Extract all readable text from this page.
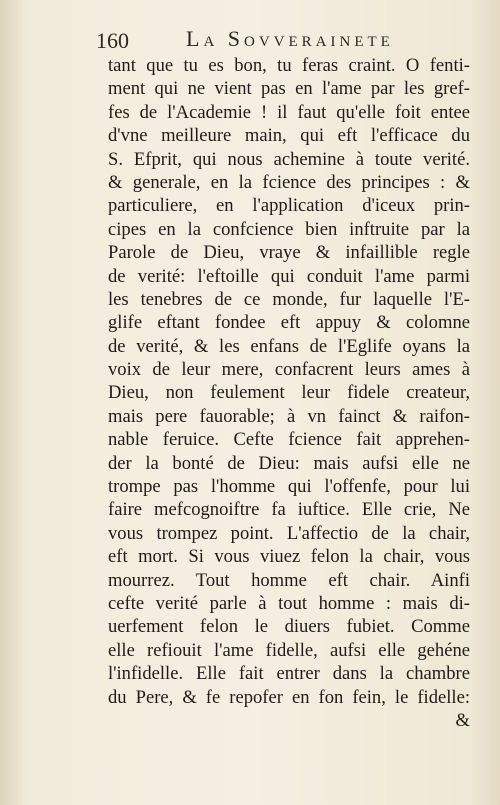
160	La Sovverainete
tant que tu es bon, tu feras craint. O fenti-
ment qui ne vient pas en l'ame par les gref-
fes de l'Academie ! il faut qu'elle foit entee
d'vne meilleure main, qui eft l'efficace du
S. Efprit, qui nous achemine à toute verité.
& generale, en la fcience des principes : &
particuliere, en l'application d'iceux prin-
cipes en la confcience bien inftruite par la
Parole de Dieu, vraye & infaillible regle
de verité: l'eftoille qui conduit l'ame parmi
les tenebres de ce monde, fur laquelle l'E-
glife eftant fondee eft appuy & colomne
de verité, & les enfans de l'Eglife oyans la
voix de leur mere, confacrent leurs ames à
Dieu, non feulement leur fidele createur,
mais pere fauorable; à vn fainct & raifon-
nable feruice. Cefte fcience fait apprehen-
der la bonté de Dieu: mais aufsi elle ne
trompe pas l'homme qui l'offenfe, pour lui
faire mefcognoiftre fa iuftice. Elle crie, Ne
vous trompez point. L'affectio de la chair,
eft mort. Si vous viuez felon la chair, vous
mourrez. Tout homme eft chair. Ainfi
cefte verité parle à tout homme : mais di-
uerfement felon le diuers fubiet. Comme
elle refiouit l'ame fidelle, aufsi elle gehéne
l'infidelle. Elle fait entrer dans la chambre
du Pere, & fe repofer en fon fein, le fidelle:
&
